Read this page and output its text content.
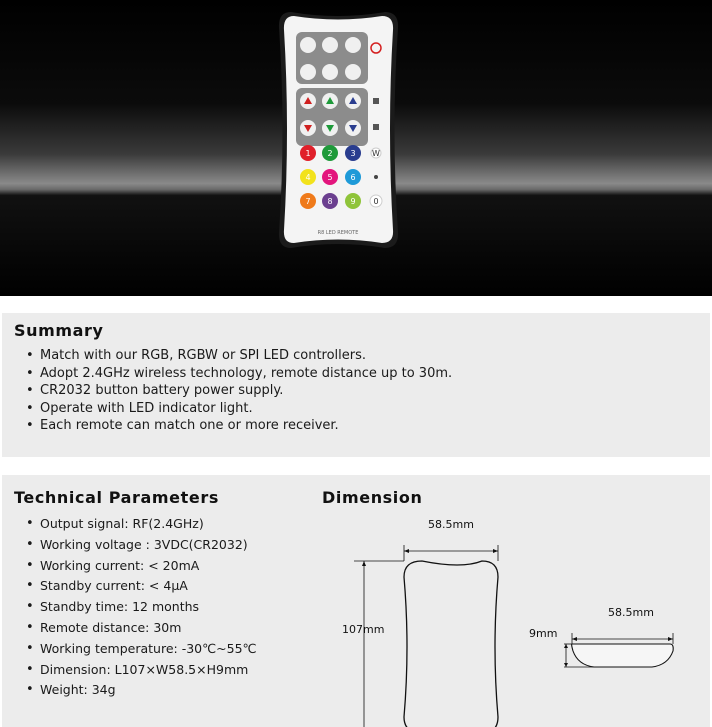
1 2 3
4 5 6
7 8 9
W
0
R8 LED REMOTE
Summary
• Match with our RGB, RGBW or SPI LED controllers.
• Adopt 2.4GHz wireless technology, remote distance up to 30m.
• CR2032 button battery power supply.
• Operate with LED indicator light.
• Each remote can match one or more receiver.
Technical Parameters
• Output signal: RF(2.4GHz)
• Working voltage : 3VDC(CR2032)
• Working current: < 20mA
• Standby current: < 4μA
• Standby time: 12 months
• Remote distance: 30m
• Working temperature: -30℃~55℃
• Dimension: L107×W58.5×H9mm
• Weight: 34g
Dimension
58.5mm
107mm
58.5mm
9mm
